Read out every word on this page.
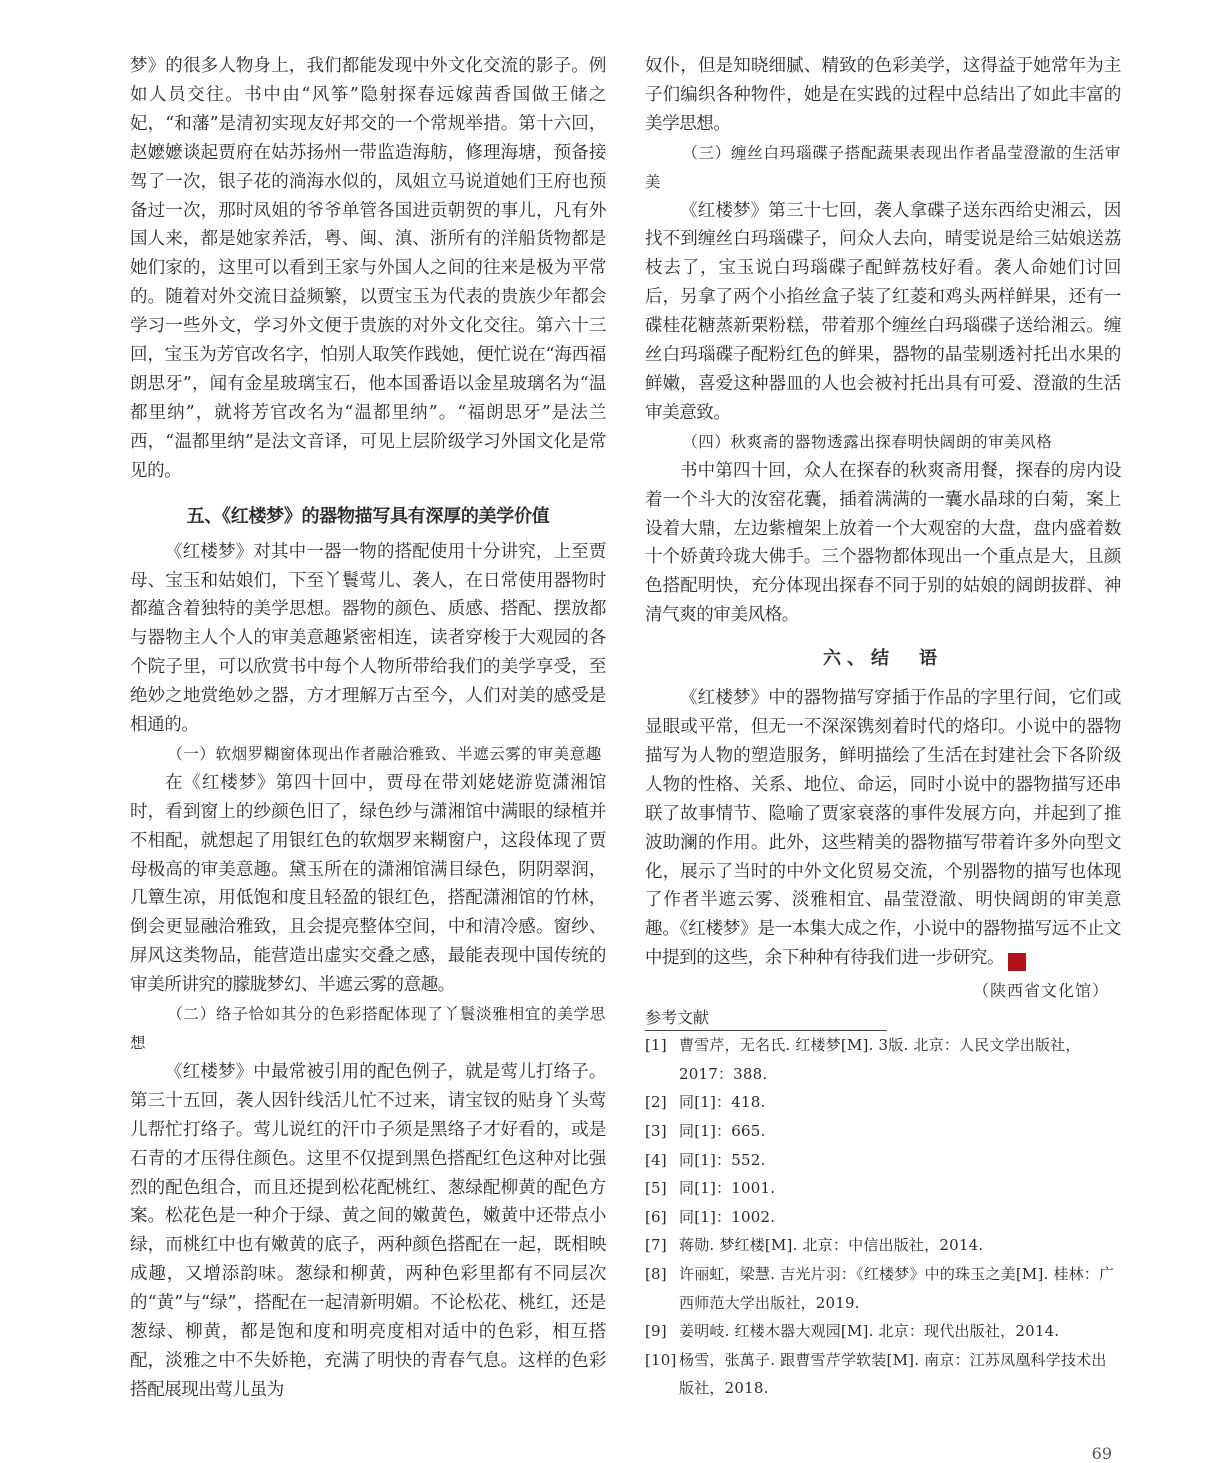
梦》的很多人物身上，我们都能发现中外文化交流的影子。例如人员交往。书中由“风筝”隐射探春远嫁茜香国做王储之妃，“和藩”是清初实现友好邦交的一个常规举措。第十六回，赵嬷嬷谈起贾府在姑苏扬州一带监造海舫，修理海塘，预备接驾了一次，银子花的淌海水似的，凤姐立马说道她们王府也预备过一次，那时凤姐的爷爷单管各国进贡朝贺的事儿，凡有外国人来，都是她家养活，粤、闽、滇、浙所有的洋船货物都是她们家的，这里可以看到王家与外国人之间的往来是极为平常的。随着对外交流日益频繁，以贾宝玉为代表的贵族少年都会学习一些外文，学习外文便于贵族的对外文化交往。第六十三回，宝玉为芳官改名字，怕别人取笑作践她，便忙说在“海西福朗思牙”，闻有金星玻璃宝石，他本国番语以金星玻璃名为“温都里纳”，就将芳官改名为“温都里纳”。“福朗思牙”是法兰西，“温都里纳”是法文音译，可见上层阶级学习外国文化是常见的。

五、《红楼梦》的器物描写具有深厚的美学价值

《红楼梦》对其中一器一物的搭配使用十分讲究，上至贾母、宝玉和姑娘们，下至丫鬟莺儿、袭人，在日常使用器物时都蕴含着独特的美学思想。器物的颜色、质感、搭配、摆放都与器物主人个人的审美意趣紧密相连，读者穿梭于大观园的各个院子里，可以欣赏书中每个人物所带给我们的美学享受，至绝妙之地赏绝妙之器，方才理解万古至今，人们对美的感受是相通的。

（一）软烟罗糊窗体现出作者融洽雅致、半遮云雾的审美意趣

在《红楼梦》第四十回中，贾母在带刘姥姥游览潇湘馆时，看到窗上的纱颜色旧了，绿色纱与潇湘馆中满眼的绿植并不相配，就想起了用银红色的软烟罗来糊窗户，这段体现了贾母极高的审美意趣。黛玉所在的潇湘馆满目绿色，阴阴翠润，几簟生凉，用低饱和度且轻盈的银红色，搭配潇湘馆的竹林，倒会更显融洽雅致，且会提亮整体空间，中和清冷感。窗纱、屏风这类物品，能营造出虚实交叠之感，最能表现中国传统的审美所讲究的朦胧梦幻、半遮云雾的意趣。

（二）络子恰如其分的色彩搭配体现了丫鬟淡雅相宜的美学思想

《红楼梦》中最常被引用的配色例子，就是莺儿打络子。第三十五回，袭人因针线活儿忙不过来，请宝钗的贴身丫头莺儿帮忙打络子。莺儿说红的汗巾子须是黑络子才好看的，或是石青的才压得住颜色。这里不仅提到黑色搭配红色这种对比强烈的配色组合，而且还提到松花配桃红、葱绿配柳黄的配色方案。松花色是一种介于绿、黄之间的嫩黄色，嫩黄中还带点小绿，而桃红中也有嫩黄的底子，两种颜色搭配在一起，既相映成趣，又增添韵味。葱绿和柳黄，两种色彩里都有不同层次的“黄”与“绿”，搭配在一起清新明媚。不论松花、桃红，还是葱绿、柳黄，都是饱和度和明亮度相对适中的色彩，相互搭配，淡雅之中不失娇艳，充满了明快的青春气息。这样的色彩搭配展现出莺儿虽为

奴仆，但是知晓细腻、精致的色彩美学，这得益于她常年为主子们编织各种物件，她是在实践的过程中总结出了如此丰富的美学思想。

（三）缠丝白玛瑙碟子搭配蔬果表现出作者晶莹澄澈的生活审美

《红楼梦》第三十七回，袭人拿碟子送东西给史湘云，因找不到缠丝白玛瑙碟子，问众人去向，晴雯说是给三姑娘送荔枝去了，宝玉说白玛瑙碟子配鲜荔枝好看。袭人命她们讨回后，另拿了两个小掐丝盒子装了红菱和鸡头两样鲜果，还有一碟桂花糖蒸新栗粉糕，带着那个缠丝白玛瑙碟子送给湘云。缠丝白玛瑙碟子配粉红色的鲜果，器物的晶莹剔透衬托出水果的鲜嫩，喜爱这种器皿的人也会被衬托出具有可爱、澄澈的生活审美意致。

（四）秋爽斋的器物透露出探春明快阔朗的审美风格

书中第四十回，众人在探春的秋爽斋用餐，探春的房内设着一个斗大的汝窑花囊，插着满满的一囊水晶球的白菊，案上设着大鼎，左边紫檀架上放着一个大观窑的大盘，盘内盛着数十个娇黄玲珑大佛手。三个器物都体现出一个重点是大，且颜色搭配明快，充分体现出探春不同于别的姑娘的阔朗拔群、神清气爽的审美风格。

六、结　语

《红楼梦》中的器物描写穿插于作品的字里行间，它们或显眼或平常，但无一不深深镌刻着时代的烙印。小说中的器物描写为人物的塑造服务，鲜明描绘了生活在封建社会下各阶级人物的性格、关系、地位、命运，同时小说中的器物描写还串联了故事情节、隐喻了贾家衰落的事件发展方向，并起到了推波助澜的作用。此外，这些精美的器物描写带着许多外向型文化，展示了当时的中外文化贸易交流，个别器物的描写也体现了作者半遮云雾、淡雅相宜、晶莹澄澈、明快阔朗的审美意趣。《红楼梦》是一本集大成之作，小说中的器物描写远不止文中提到的这些，余下种种有待我们进一步研究。	花

（陕西省文化馆）
参考文献
[1] 曹雪芹，无名氏. 红楼梦[M]. 3版. 北京：人民文学出版社，2017：388.
[2] 同[1]：418.
[3] 同[1]：665.
[4] 同[1]：552.
[5] 同[1]：1001.
[6] 同[1]：1002.
[7] 蒋勋. 梦红楼[M]. 北京：中信出版社，2014.
[8] 许丽虹，梁慧. 吉光片羽：《红楼梦》中的珠玉之美[M]. 桂林：广西师范大学出版社，2019.
[9] 姜明岐. 红楼木器大观园[M]. 北京：现代出版社，2014.
[10] 杨雪，张萬子. 跟曹雪芹学软装[M]. 南京：江苏凤凰科学技术出版社，2018.
69
